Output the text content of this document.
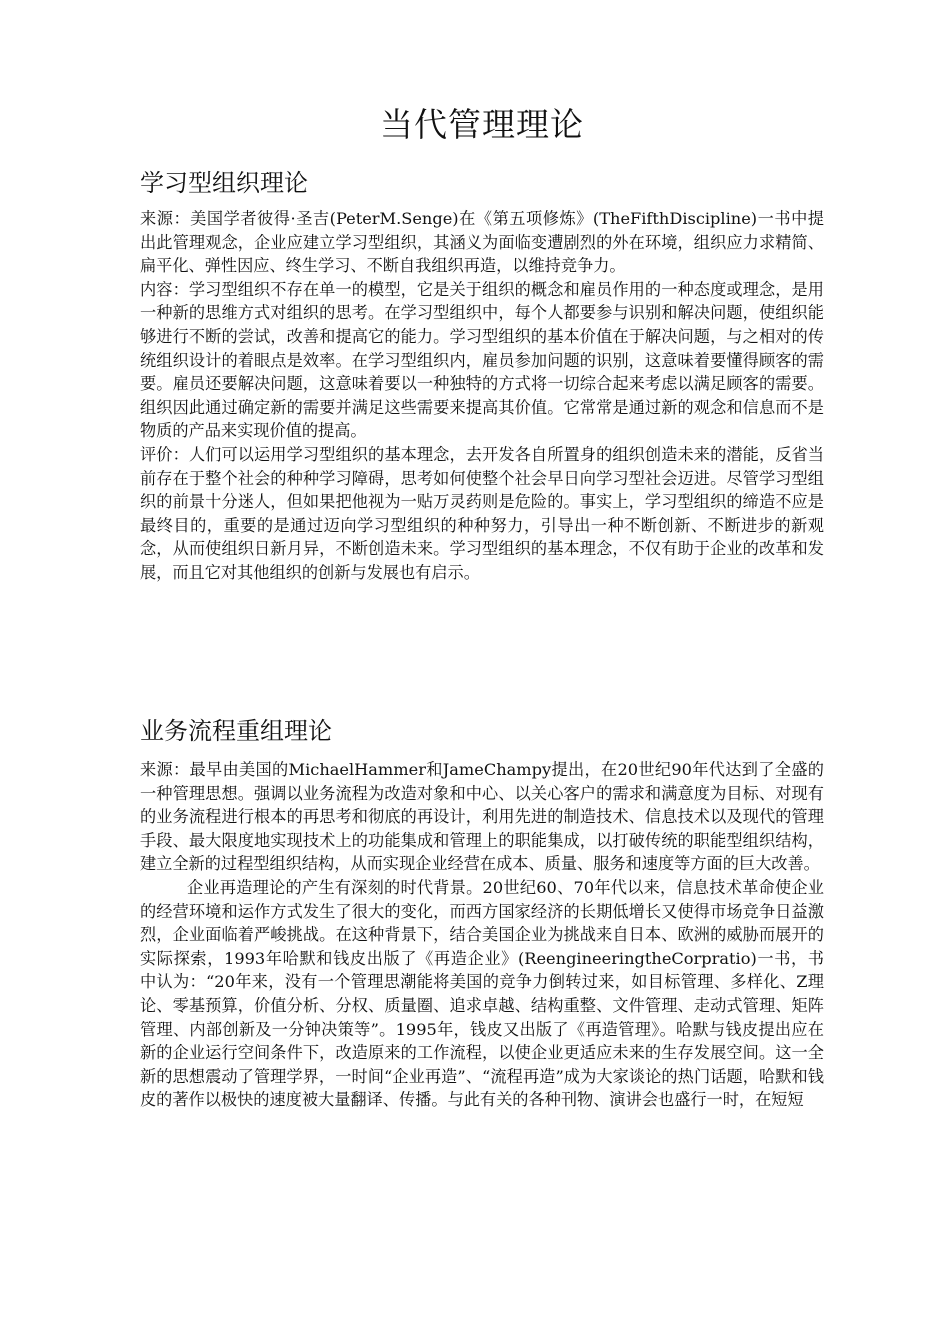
当代管理理论
学习型组织理论

来源：美国学者彼得·圣吉(PeterM.Senge)在《第五项修炼》(TheFifthDiscipline)一书中提出此管理观念，企业应建立学习型组织，其涵义为面临变遭剧烈的外在环境，组织应力求精简、扁平化、弹性因应、终生学习、不断自我组织再造，以维持竞争力。

内容：学习型组织不存在单一的模型，它是关于组织的概念和雇员作用的一种态度或理念，是用一种新的思维方式对组织的思考。在学习型组织中，每个人都要参与识别和解决问题，使组织能够进行不断的尝试，改善和提高它的能力。学习型组织的基本价值在于解决问题，与之相对的传统组织设计的着眼点是效率。在学习型组织内，雇员参加问题的识别，这意味着要懂得顾客的需要。雇员还要解决问题，这意味着要以一种独特的方式将一切综合起来考虑以满足顾客的需要。组织因此通过确定新的需要并满足这些需要来提高其价值。它常常是通过新的观念和信息而不是物质的产品来实现价值的提高。

评价：人们可以运用学习型组织的基本理念，去开发各自所置身的组织创造未来的潜能，反省当前存在于整个社会的种种学习障碍，思考如何使整个社会早日向学习型社会迈进。尽管学习型组织的前景十分迷人，但如果把他视为一贴万灵药则是危险的。事实上，学习型组织的缔造不应是最终目的，重要的是通过迈向学习型组织的种种努力，引导出一种不断创新、不断进步的新观念，从而使组织日新月异，不断创造未来。学习型组织的基本理念，不仅有助于企业的改革和发展，而且它对其他组织的创新与发展也有启示。

业务流程重组理论

来源：最早由美国的MichaelHammer和JameChampy提出，在20世纪90年代达到了全盛的一种管理思想。强调以业务流程为改造对象和中心、以关心客户的需求和满意度为目标、对现有的业务流程进行根本的再思考和彻底的再设计，利用先进的制造技术、信息技术以及现代的管理手段、最大限度地实现技术上的功能集成和管理上的职能集成，以打破传统的职能型组织结构，建立全新的过程型组织结构，从而实现企业经营在成本、质量、服务和速度等方面的巨大改善。

企业再造理论的产生有深刻的时代背景。20世纪60、70年代以来，信息技术革命使企业的经营环境和运作方式发生了很大的变化，而西方国家经济的长期低增长又使得市场竞争日益激烈，企业面临着严峻挑战。在这种背景下，结合美国企业为挑战来自日本、欧洲的威胁而展开的实际探索，1993年哈默和钱皮出版了《再造企业》(ReengineeringtheCorpratio)一书，书中认为：“20年来，没有一个管理思潮能将美国的竞争力倒转过来，如目标管理、多样化、Z理论、零基预算，价值分析、分权、质量圈、追求卓越、结构重整、文件管理、走动式管理、矩阵管理、内部创新及一分钟决策等”。1995年，钱皮又出版了《再造管理》。哈默与钱皮提出应在新的企业运行空间条件下，改造原来的工作流程，以使企业更适应未来的生存发展空间。这一全新的思想震动了管理学界，一时间“企业再造”、“流程再造”成为大家谈论的热门话题，哈默和钱皮的著作以极快的速度被大量翻译、传播。与此有关的各种刊物、演讲会也盛行一时，在短短
